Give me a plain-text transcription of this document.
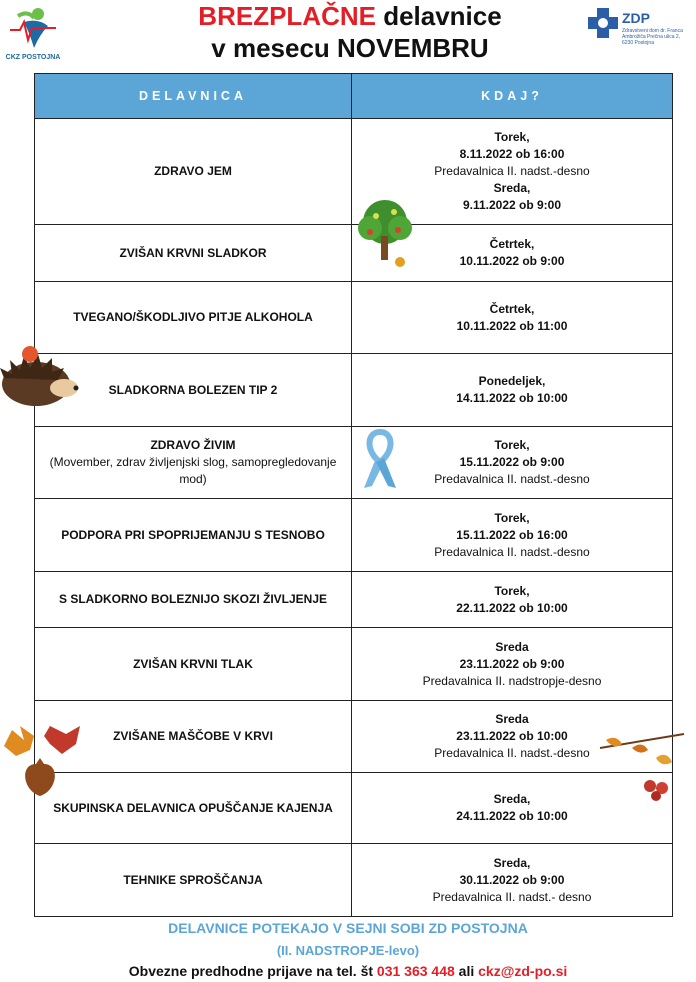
CKZ POSTOJNA
BREZPLAČNE delavnice
v mesecu NOVEMBRU
ZDP
Zdravstveni dom dr. Franca Ambrožiča Prečna ulica 2, 6230 Postojna
DELAVNICA	KDAJ?
ZDRAVO JEM	Torek,
8.11.2022 ob 16:00
Predavalnica II. nadst.-desno
Sreda,
9.11.2022 ob 9:00

ZVIŠAN KRVNI SLADKOR	Četrtek,
10.11.2022 ob 9:00

TVEGANO/ŠKODLJIVO PITJE ALKOHOLA	Četrtek,
10.11.2022 ob 11:00

SLADKORNA BOLEZEN TIP 2	Ponedeljek,
14.11.2022 ob 10:00

ZDRAVO ŽIVIM
(Movember, zdrav življenjski slog, samopregledovanje mod)	Torek,
15.11.2022 ob 9:00
Predavalnica II. nadst.-desno

PODPORA PRI SPOPRIJEMANJU S TESNOBO	Torek,
15.11.2022 ob 16:00
Predavalnica II. nadst.-desno

S SLADKORNO BOLEZNIJO SKOZI ŽIVLJENJE	Torek,
22.11.2022 ob 10:00

ZVIŠAN KRVNI TLAK	Sreda
23.11.2022 ob 9:00
Predavalnica II. nadstropje-desno

ZVIŠANE MAŠČOBE V KRVI	Sreda
23.11.2022 ob 10:00
Predavalnica II. nadst.-desno

SKUPINSKA DELAVNICA OPUŠČANJE KAJENJA	Sreda,
24.11.2022 ob 10:00

TEHNIKE SPROŠČANJA	Sreda,
30.11.2022 ob 9:00
Predavalnica II. nadst.- desno
DELAVNICE POTEKAJO V SEJNI SOBI ZD POSTOJNA
(II. NADSTROPJE-levo)
Obvezne predhodne prijave na tel. št 031 363 448 ali ckz@zd-po.si
